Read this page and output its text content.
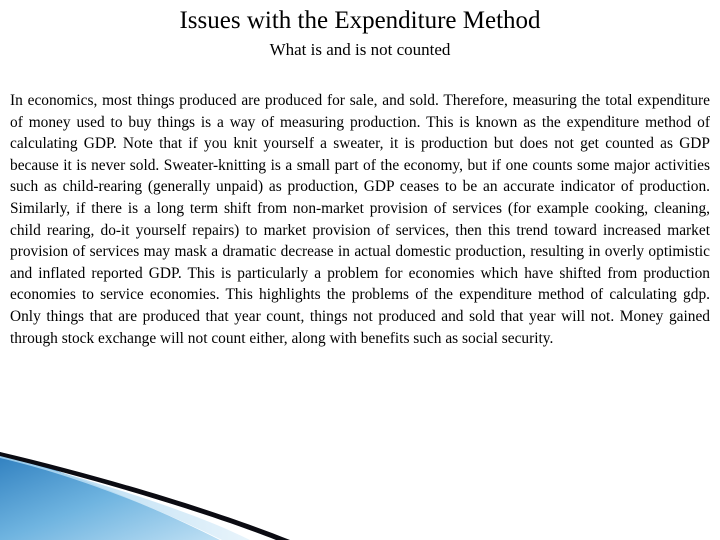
Issues with the Expenditure Method
What is and is not counted

In economics, most things produced are produced for sale, and sold. Therefore, measuring the total expenditure of money used to buy things is a way of measuring production. This is known as the expenditure method of calculating GDP. Note that if you knit yourself a sweater, it is production but does not get counted as GDP because it is never sold. Sweater-knitting is a small part of the economy, but if one counts some major activities such as child-rearing (generally unpaid) as production, GDP ceases to be an accurate indicator of production. Similarly, if there is a long term shift from non-market provision of services (for example cooking, cleaning, child rearing, do-it yourself repairs) to market provision of services, then this trend toward increased market provision of services may mask a dramatic decrease in actual domestic production, resulting in overly optimistic and inflated reported GDP. This is particularly a problem for economies which have shifted from production economies to service economies. This highlights the problems of the expenditure method of calculating gdp. Only things that are produced that year count, things not produced and sold that year will not. Money gained through stock exchange will not count either, along with benefits such as social security.
